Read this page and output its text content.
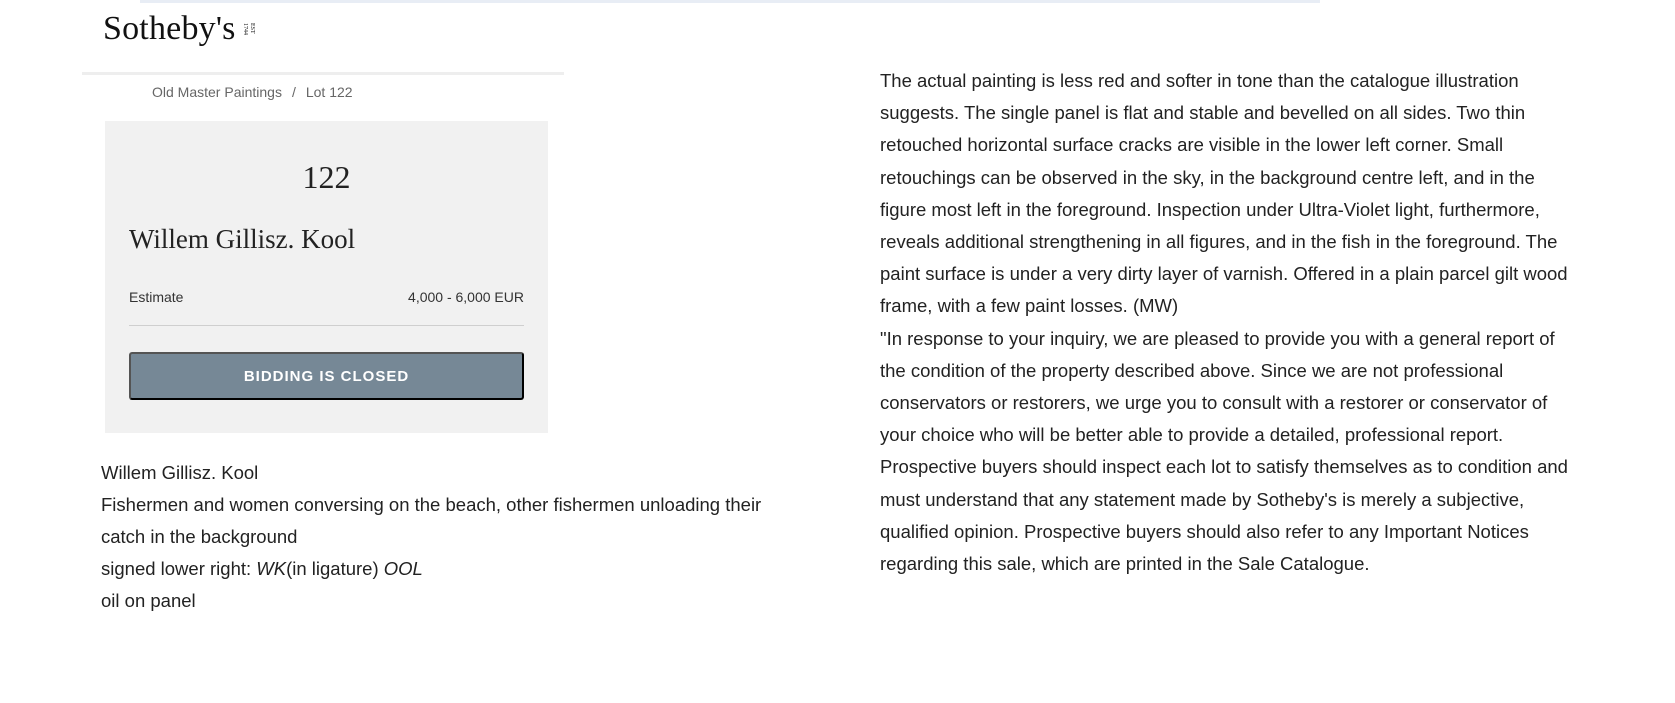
Sotheby's EST
1744
Old Master Paintings / Lot 122
122
Willem Gillisz. Kool
Estimate	4,000 - 6,000 EUR
BIDDING IS CLOSED
Willem Gillisz. Kool
Fishermen and women conversing on the beach, other fishermen unloading their catch in the background
signed lower right: WK(in ligature) OOL
oil on panel

The actual painting is less red and softer in tone than the catalogue illustration suggests. The single panel is flat and stable and bevelled on all sides. Two thin retouched horizontal surface cracks are visible in the lower left corner. Small retouchings can be observed in the sky, in the background centre left, and in the figure most left in the foreground. Inspection under Ultra-Violet light, furthermore, reveals additional strengthening in all figures, and in the fish in the foreground. The paint surface is under a very dirty layer of varnish. Offered in a plain parcel gilt wood frame, with a few paint losses. (MW)

"In response to your inquiry, we are pleased to provide you with a general report of the condition of the property described above. Since we are not professional conservators or restorers, we urge you to consult with a restorer or conservator of your choice who will be better able to provide a detailed, professional report. Prospective buyers should inspect each lot to satisfy themselves as to condition and must understand that any statement made by Sotheby's is merely a subjective, qualified opinion. Prospective buyers should also refer to any Important Notices regarding this sale, which are printed in the Sale Catalogue.
